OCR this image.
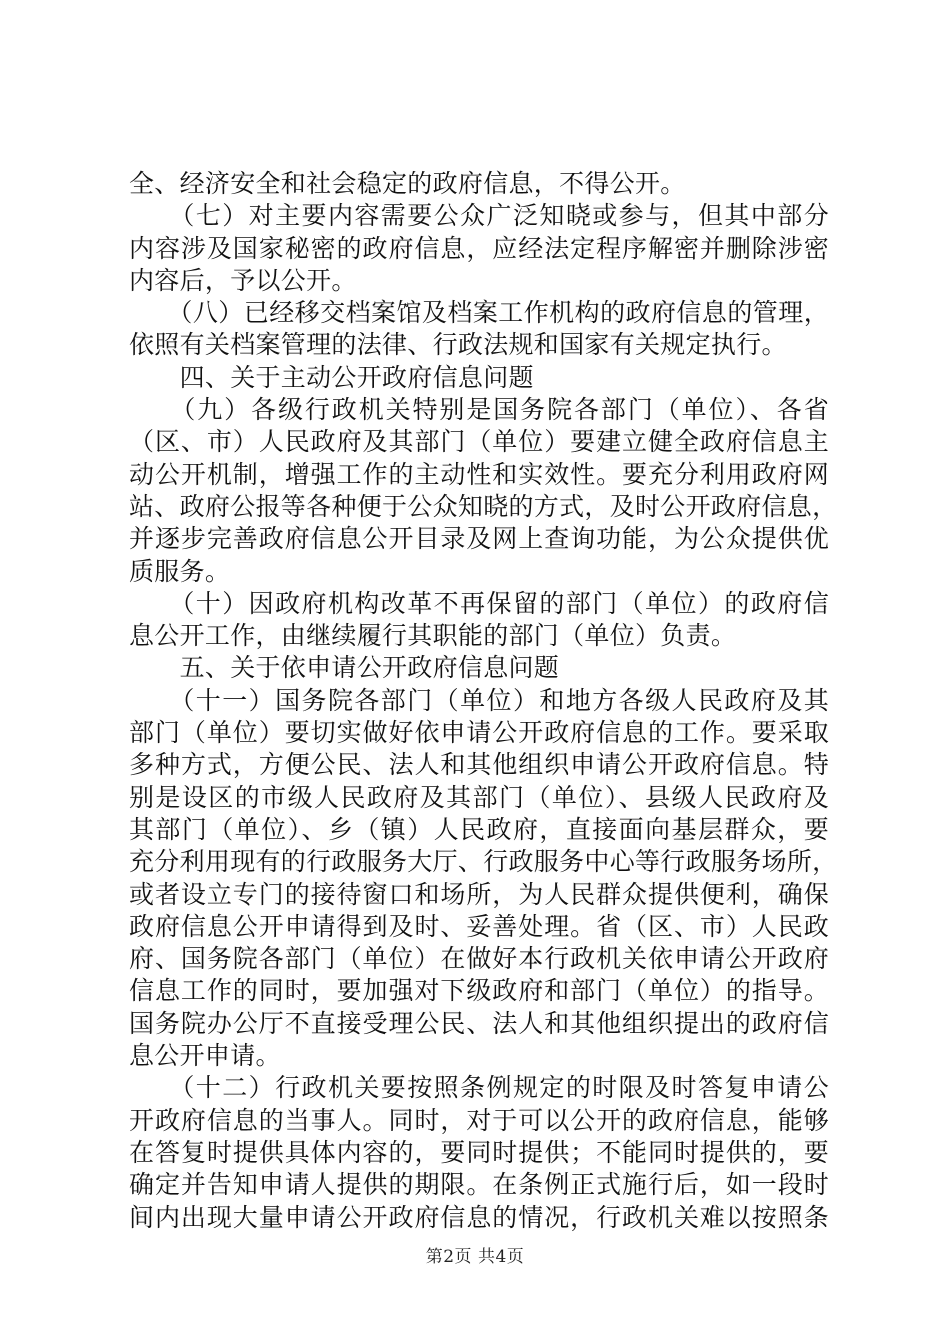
全、经济安全和社会稳定的政府信息，不得公开。
　　（七）对主要内容需要公众广泛知晓或参与，但其中部分
内容涉及国家秘密的政府信息，应经法定程序解密并删除涉密
内容后，予以公开。
　　（八）已经移交档案馆及档案工作机构的政府信息的管理，
依照有关档案管理的法律、行政法规和国家有关规定执行。
　　四、关于主动公开政府信息问题
　　（九）各级行政机关特别是国务院各部门（单位）、各省
（区、市）人民政府及其部门（单位）要建立健全政府信息主
动公开机制，增强工作的主动性和实效性。要充分利用政府网
站、政府公报等各种便于公众知晓的方式，及时公开政府信息，
并逐步完善政府信息公开目录及网上查询功能，为公众提供优
质服务。
　　（十）因政府机构改革不再保留的部门（单位）的政府信
息公开工作，由继续履行其职能的部门（单位）负责。
　　五、关于依申请公开政府信息问题
　　（十一）国务院各部门（单位）和地方各级人民政府及其
部门（单位）要切实做好依申请公开政府信息的工作。要采取
多种方式，方便公民、法人和其他组织申请公开政府信息。特
别是设区的市级人民政府及其部门（单位）、县级人民政府及
其部门（单位）、乡（镇）人民政府，直接面向基层群众，要
充分利用现有的行政服务大厅、行政服务中心等行政服务场所，
或者设立专门的接待窗口和场所，为人民群众提供便利，确保
政府信息公开申请得到及时、妥善处理。省（区、市）人民政
府、国务院各部门（单位）在做好本行政机关依申请公开政府
信息工作的同时，要加强对下级政府和部门（单位）的指导。
国务院办公厅不直接受理公民、法人和其他组织提出的政府信
息公开申请。
　　（十二）行政机关要按照条例规定的时限及时答复申请公
开政府信息的当事人。同时，对于可以公开的政府信息，能够
在答复时提供具体内容的，要同时提供；不能同时提供的，要
确定并告知申请人提供的期限。在条例正式施行后，如一段时
间内出现大量申请公开政府信息的情况，行政机关难以按照条
第2页 共4页
